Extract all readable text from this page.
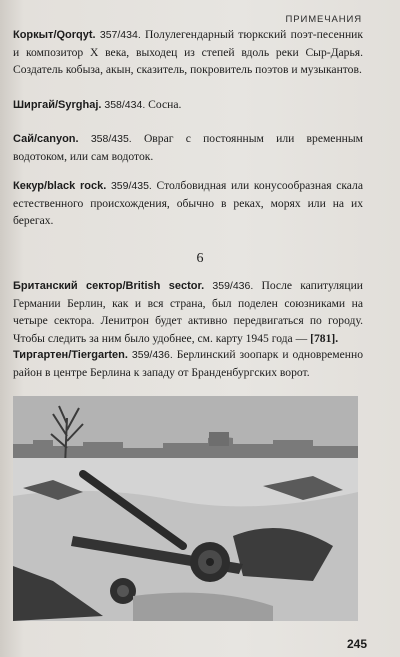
ПРИМЕЧАНИЯ

Коркыт/Qorqyt. 357/434. Полулегендарный тюркский поэт-песенник и композитор X века, выходец из степей вдоль реки Сыр-Дарья. Создатель кобыза, акын, сказитель, покровитель поэтов и музыкантов.

Ширгай/Syrghaj. 358/434. Сосна.

Сай/canyon. 358/435. Овраг с постоянным или временным водотоком, или сам водоток.

Кекур/black rock. 359/435. Столбовидная или конусообразная скала естественного происхождения, обычно в реках, морях или на их берегах.

6

Британский сектор/British sector. 359/436. После капитуляции Германии Берлин, как и вся страна, был поделен союзниками на четыре сектора. Ленитрон будет активно передвигаться по городу. Чтобы следить за ним было удобнее, см. карту 1945 года — [781].

Тиргартен/Tiergarten. 359/436. Берлинский зоопарк и одновременно район в центре Берлина к западу от Бранденбургских ворот.

245
